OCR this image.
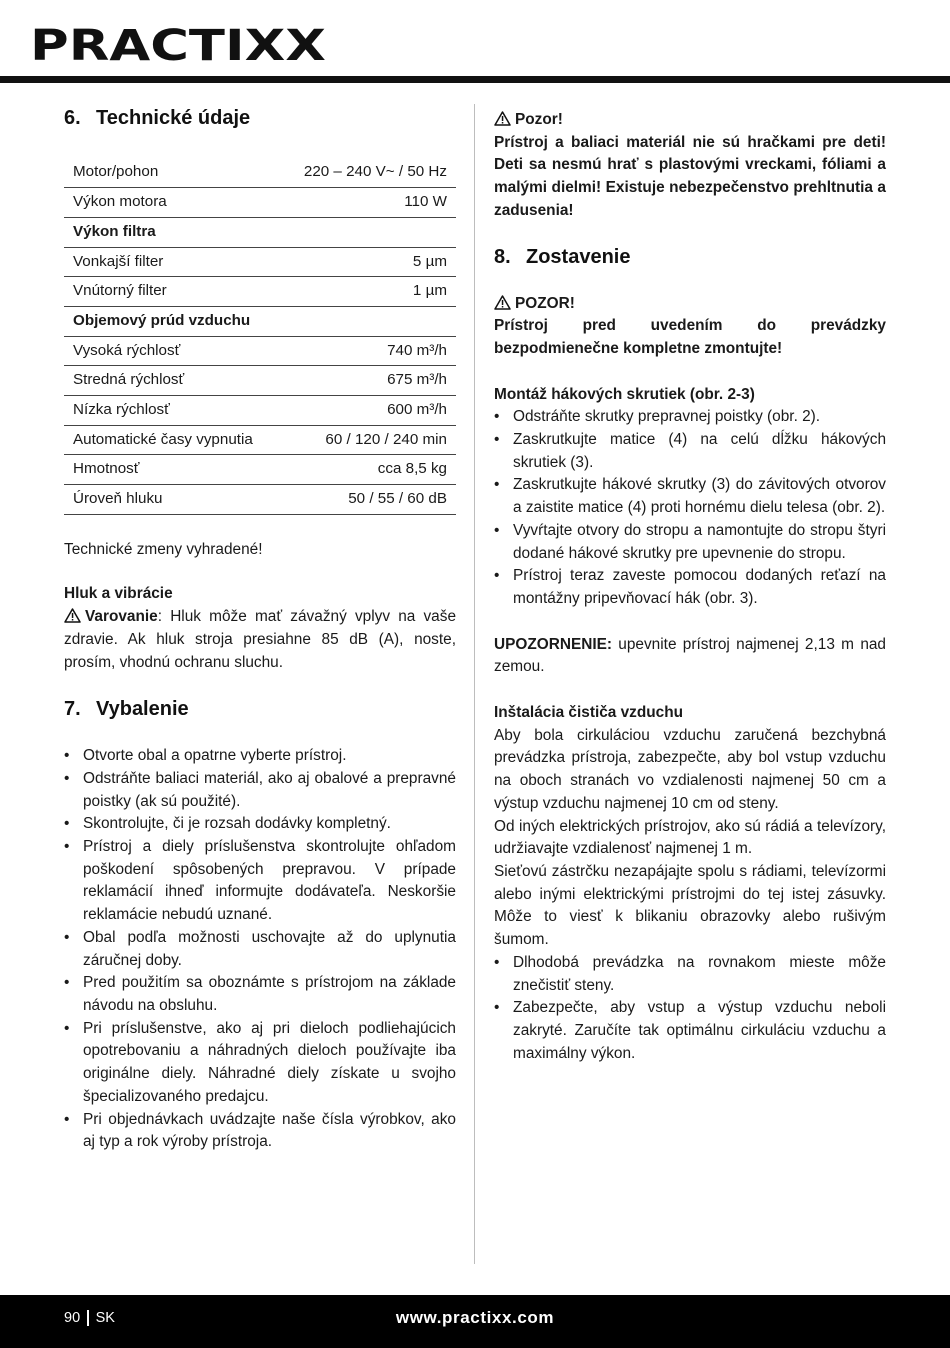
PRACTIXX
6. Technické údaje
Motor/pohon	220 – 240 V~ / 50 Hz
Výkon motora	110 W
Výkon filtra	
Vonkajší filter	5 µm
Vnútorný filter	1 µm
Objemový prúd vzduchu	
Vysoká rýchlosť	740 m³/h
Stredná rýchlosť	675 m³/h
Nízka rýchlosť	600 m³/h
Automatické časy vypnutia	60 / 120 / 240 min
Hmotnosť	cca 8,5 kg
Úroveň hluku	50 / 55 / 60 dB

Technické zmeny vyhradené!

Hluk a vibrácie

Varovanie: Hluk môže mať závažný vplyv na vaše zdravie. Ak hluk stroja presiahne 85 dB (A), noste, prosím, vhodnú ochranu sluchu.

7. Vybalenie
• Otvorte obal a opatrne vyberte prístroj.
• Odstráňte baliaci materiál, ako aj obalové a prepravné poistky (ak sú použité).
• Skontrolujte, či je rozsah dodávky kompletný.
• Prístroj a diely príslušenstva skontrolujte ohľadom poškodení spôsobených prepravou. V prípade reklamácií ihneď informujte dodávateľa. Neskoršie reklamácie nebudú uznané.
• Obal podľa možnosti uschovajte až do uplynutia záručnej doby.
• Pred použitím sa oboznámte s prístrojom na základe návodu na obsluhu.
• Pri príslušenstve, ako aj pri dieloch podliehajúcich opotrebovaniu a náhradných dieloch používajte iba originálne diely. Náhradné diely získate u svojho špecializovaného predajcu.
• Pri objednávkach uvádzajte naše čísla výrobkov, ako aj typ a rok výroby prístroja.

Pozor!

Prístroj a baliaci materiál nie sú hračkami pre deti! Deti sa nesmú hrať s plastovými vreckami, fóliami a malými dielmi! Existuje nebezpečenstvo prehltnutia a zadusenia!

8. Zostavenie

POZOR!

Prístroj pred uvedením do prevádzky bezpodmienečne kompletne zmontujte!

Montáž hákových skrutiek (obr. 2-3)

• Odstráňte skrutky prepravnej poistky (obr. 2).
• Zaskrutkujte matice (4) na celú dĺžku hákových skrutiek (3).
• Zaskrutkujte hákové skrutky (3) do závitových otvorov a zaistite matice (4) proti hornému dielu telesa (obr. 2).
• Vyvŕtajte otvory do stropu a namontujte do stropu štyri dodané hákové skrutky pre upevnenie do stropu.
• Prístroj teraz zaveste pomocou dodaných reťazí na montážny pripevňovací hák (obr. 3).

UPOZORNENIE: upevnite prístroj najmenej 2,13 m nad zemou.

Inštalácia čističa vzduchu

Aby bola cirkuláciou vzduchu zaručená bezchybná prevádzka prístroja, zabezpečte, aby bol vstup vzduchu na oboch stranách vo vzdialenosti najmenej 50 cm a výstup vzduchu najmenej 10 cm od steny.

Od iných elektrických prístrojov, ako sú rádiá a televízory, udržiavajte vzdialenosť najmenej 1 m.

Sieťovú zástrčku nezapájajte spolu s rádiami, televízormi alebo inými elektrickými prístrojmi do tej istej zásuvky. Môže to viesť k blikaniu obrazovky alebo rušivým šumom.

• Dlhodobá prevádzka na rovnakom mieste môže znečistiť steny.
• Zabezpečte, aby vstup a výstup vzduchu neboli zakryté. Zaručíte tak optimálnu cirkuláciu vzduchu a maximálny výkon.
90 SK	www.practixx.com
